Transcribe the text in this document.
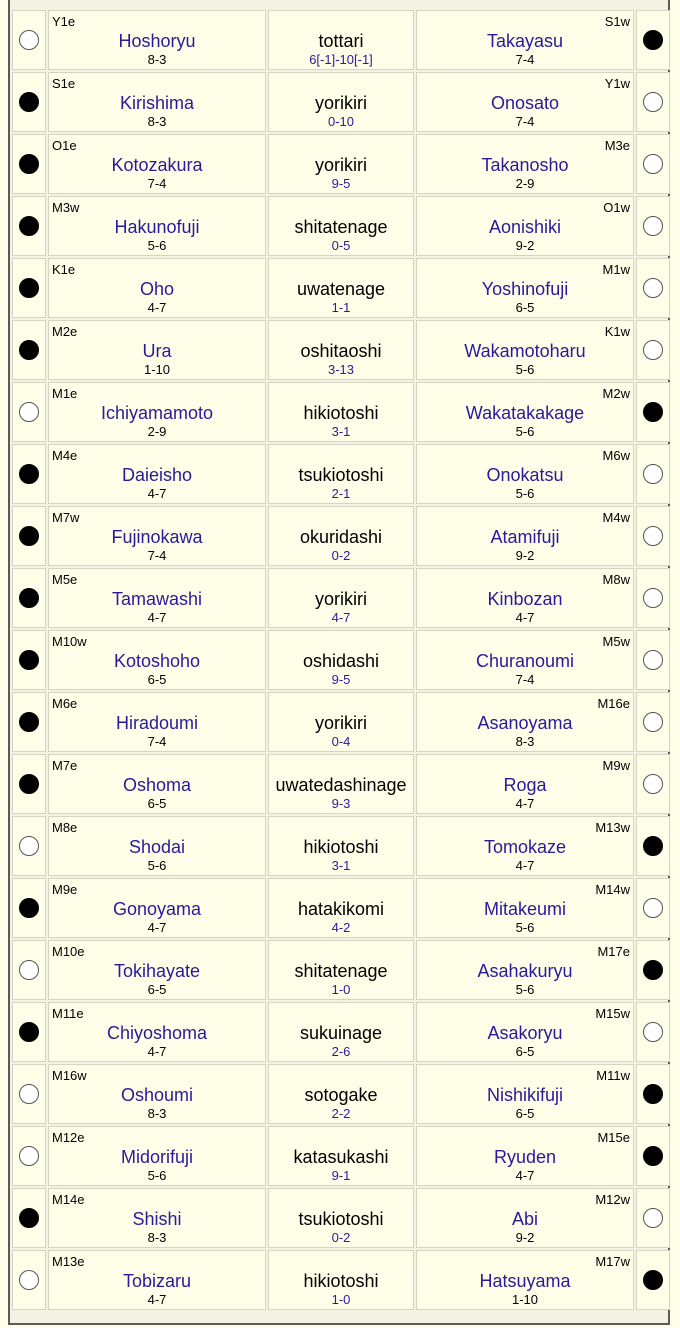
	Y1e
Hoshoryu
8-3	tottari
6[-1]-10[-1]	S1w
Takayasu
7-4	

	S1e
Kirishima
8-3	yorikiri
0-10	Y1w
Onosato
7-4	

	O1e
Kotozakura
7-4	yorikiri
9-5	M3e
Takanosho
2-9	

	M3w
Hakunofuji
5-6	shitatenage
0-5	O1w
Aonishiki
9-2	

	K1e
Oho
4-7	uwatenage
1-1	M1w
Yoshinofuji
6-5	

	M2e
Ura
1-10	oshitaoshi
3-13	K1w
Wakamotoharu
5-6	

	M1e
Ichiyamamoto
2-9	hikiotoshi
3-1	M2w
Wakatakakage
5-6	

	M4e
Daieisho
4-7	tsukiotoshi
2-1	M6w
Onokatsu
5-6	

	M7w
Fujinokawa
7-4	okuridashi
0-2	M4w
Atamifuji
9-2	

	M5e
Tamawashi
4-7	yorikiri
4-7	M8w
Kinbozan
4-7	

	M10w
Kotoshoho
6-5	oshidashi
9-5	M5w
Churanoumi
7-4	

	M6e
Hiradoumi
7-4	yorikiri
0-4	M16e
Asanoyama
8-3	

	M7e
Oshoma
6-5	uwatedashinage
9-3	M9w
Roga
4-7	

	M8e
Shodai
5-6	hikiotoshi
3-1	M13w
Tomokaze
4-7	

	M9e
Gonoyama
4-7	hatakikomi
4-2	M14w
Mitakeumi
5-6	

	M10e
Tokihayate
6-5	shitatenage
1-0	M17e
Asahakuryu
5-6	

	M11e
Chiyoshoma
4-7	sukuinage
2-6	M15w
Asakoryu
6-5	

	M16w
Oshoumi
8-3	sotogake
2-2	M11w
Nishikifuji
6-5	

	M12e
Midorifuji
5-6	katasukashi
9-1	M15e
Ryuden
4-7	

	M14e
Shishi
8-3	tsukiotoshi
0-2	M12w
Abi
9-2	

	M13e
Tobizaru
4-7	hikiotoshi
1-0	M17w
Hatsuyama
1-10	
